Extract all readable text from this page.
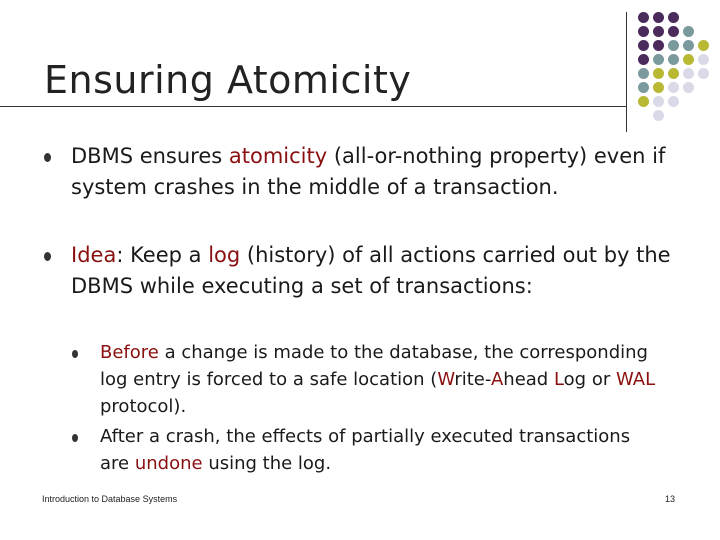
Ensuring Atomicity
DBMS ensures atomicity (all-or-nothing property) even if system crashes in the middle of a transaction.
Idea: Keep a log (history) of all actions carried out by the DBMS while executing a set of transactions:
Before a change is made to the database, the corresponding log entry is forced to a safe location (Write-Ahead Log or WAL protocol).
After a crash, the effects of partially executed transactions are undone using the log.
Introduction to Database Systems	13
